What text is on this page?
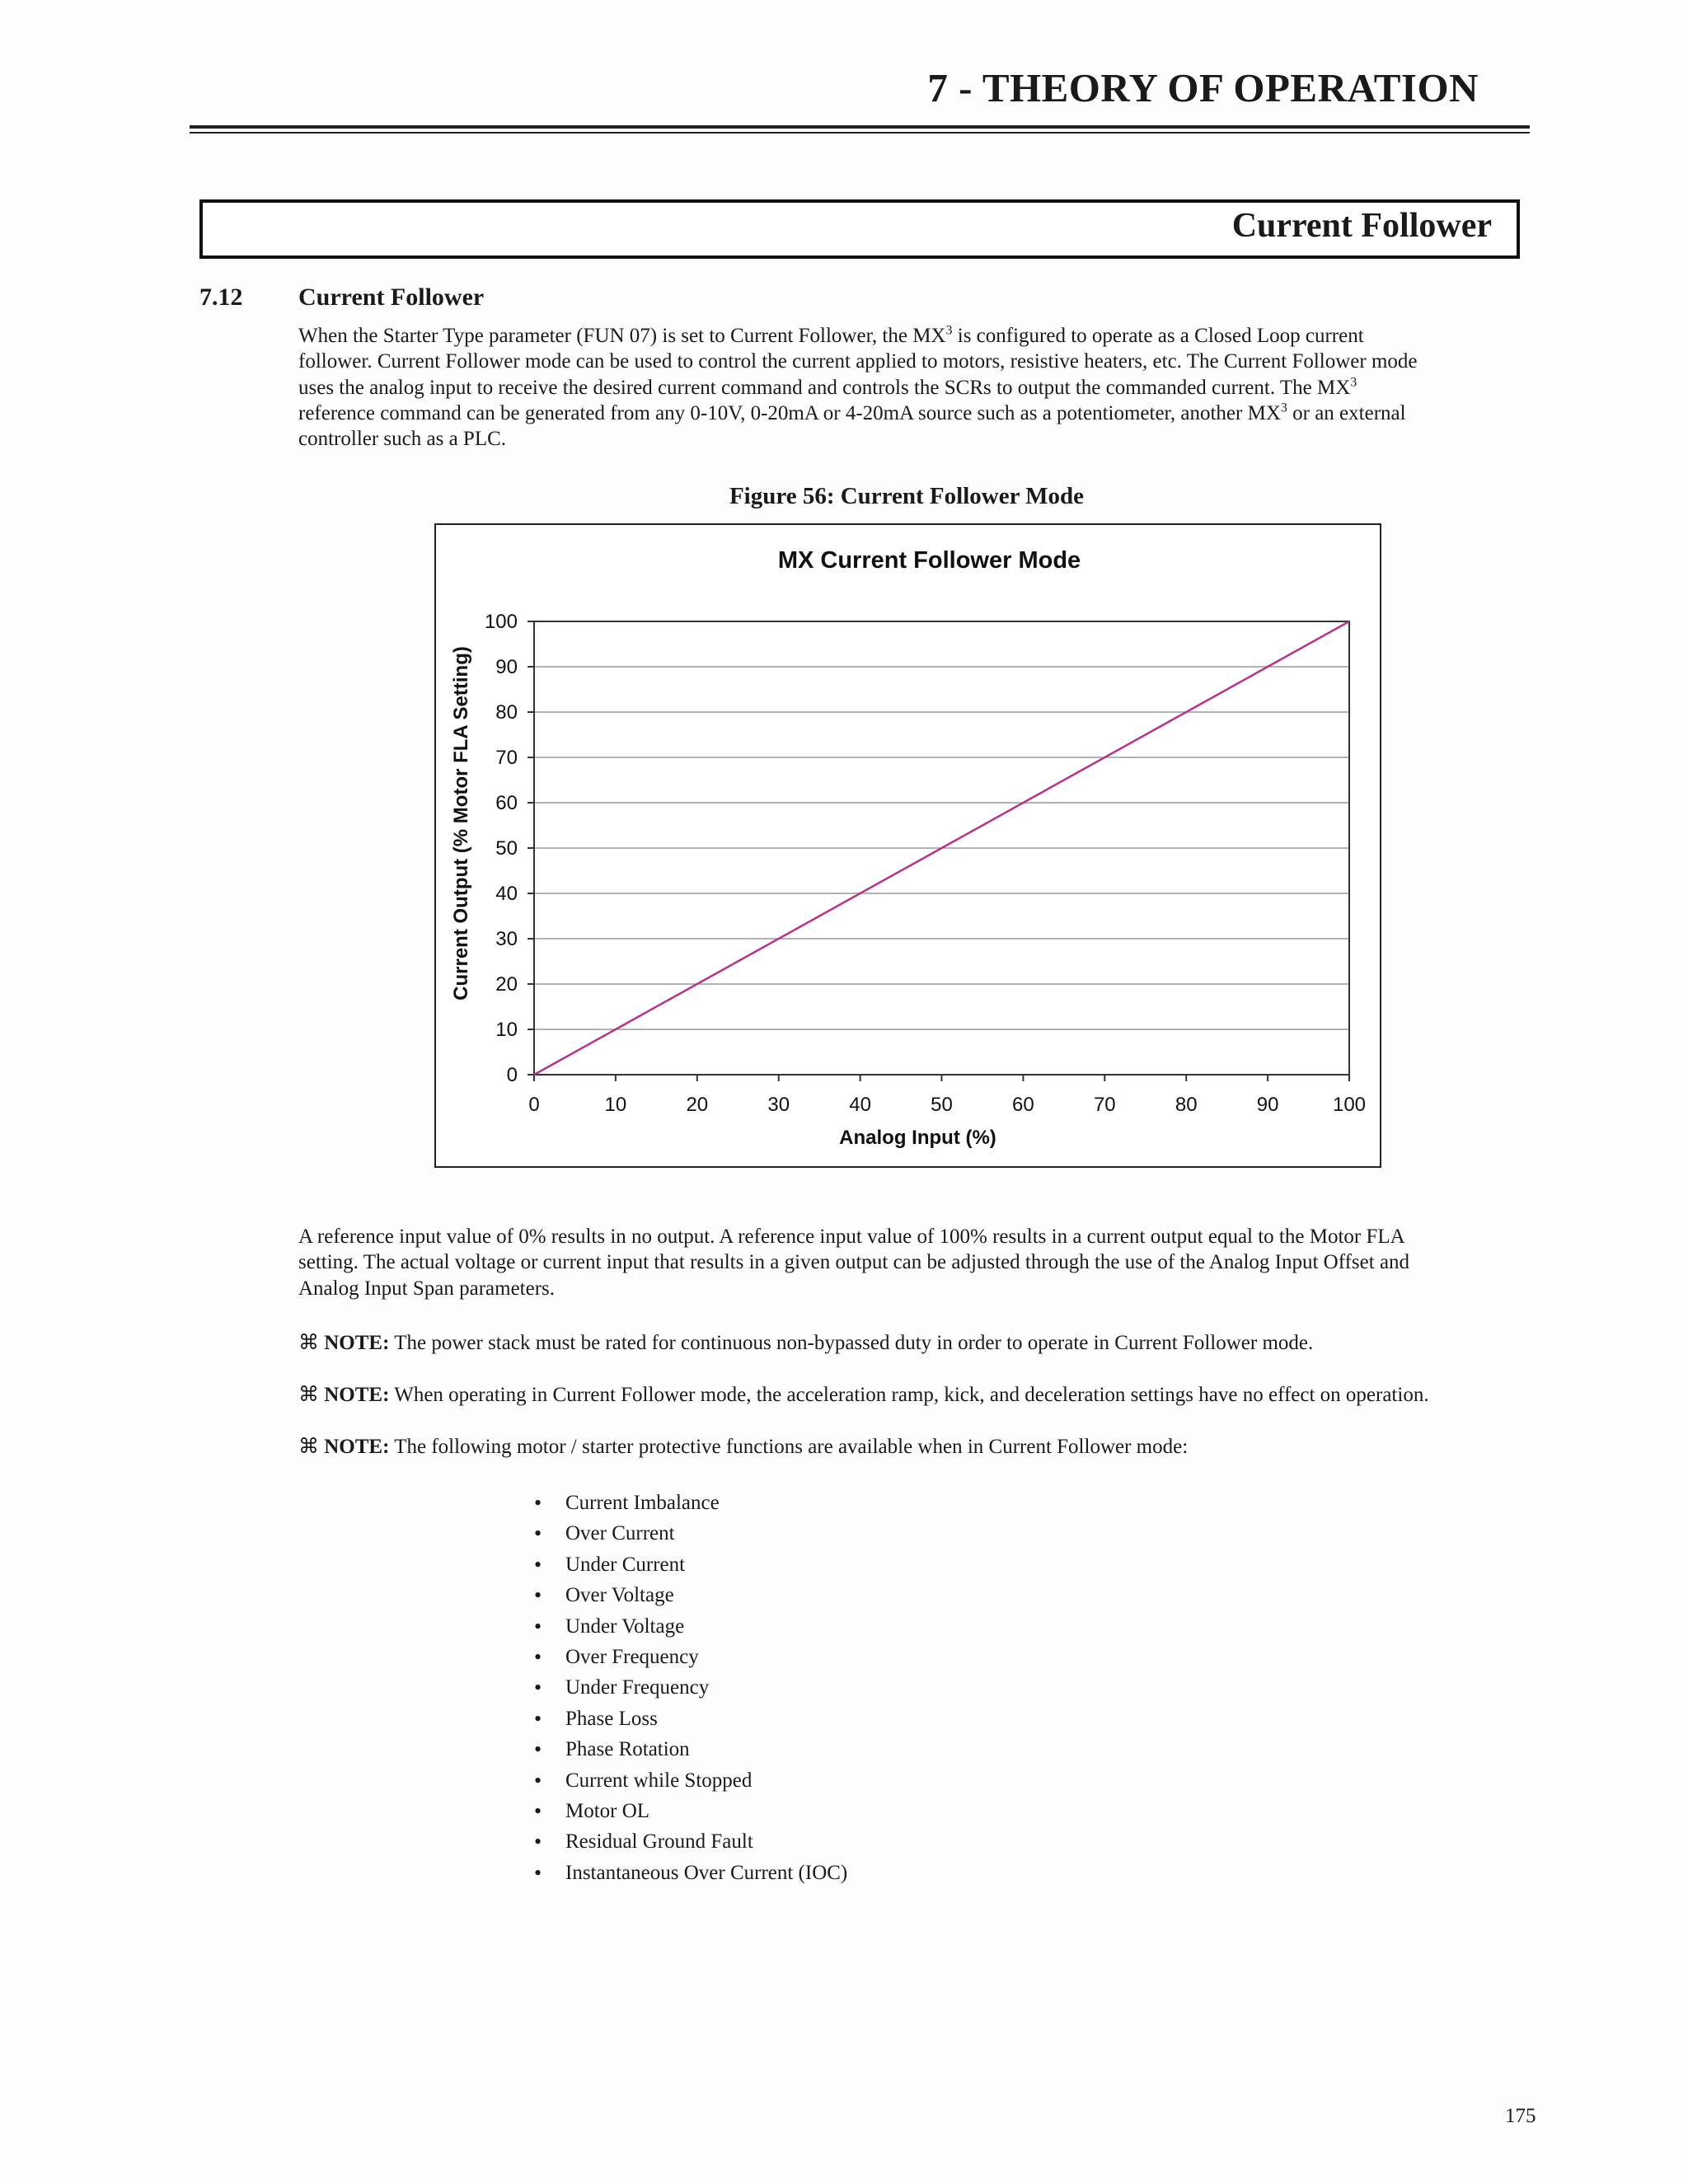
7 - THEORY OF OPERATION
Current Follower
7.12 Current Follower
When the Starter Type parameter (FUN 07) is set to Current Follower, the $MX^3$ is configured to operate as a Closed Loop current
follower. Current Follower mode can be used to control the current applied to motors, resistive heaters, etc. The Current Follower mode
uses the analog input to receive the desired current command and controls the SCRs to output the commanded current. The $MX^3$
reference command can be generated from any 0-10V, 0-20mA or 4-20mA source such as a potentiometer, another $MX^3$ or an external
controller such as a PLC.
Figure 56: Current Follower Mode
MX Current Follower Mode
0
10
20
30
40
50
60
70
80
90
100
0	10	20	30	40	50	60	70	80	90	100
Analog Input (%)
Current Output (% Motor FLA Setting)
A reference input value of 0% results in no output. A reference input value of 100% results in a current output equal to the Motor FLA
setting. The actual voltage or current input that results in a given output can be adjusted through the use of the Analog Input Offset and
Analog Input Span parameters.
⌘ NOTE: The power stack must be rated for continuous non-bypassed duty in order to operate in Current Follower mode.
⌘ NOTE: When operating in Current Follower mode, the acceleration ramp, kick, and deceleration settings have no effect on operation.
⌘ NOTE: The following motor / starter protective functions are available when in Current Follower mode:
• Current Imbalance
• Over Current
• Under Current
• Over Voltage
• Under Voltage
• Over Frequency
• Under Frequency
• Phase Loss
• Phase Rotation
• Current while Stopped
• Motor OL
• Residual Ground Fault
• Instantaneous Over Current (IOC)
175
